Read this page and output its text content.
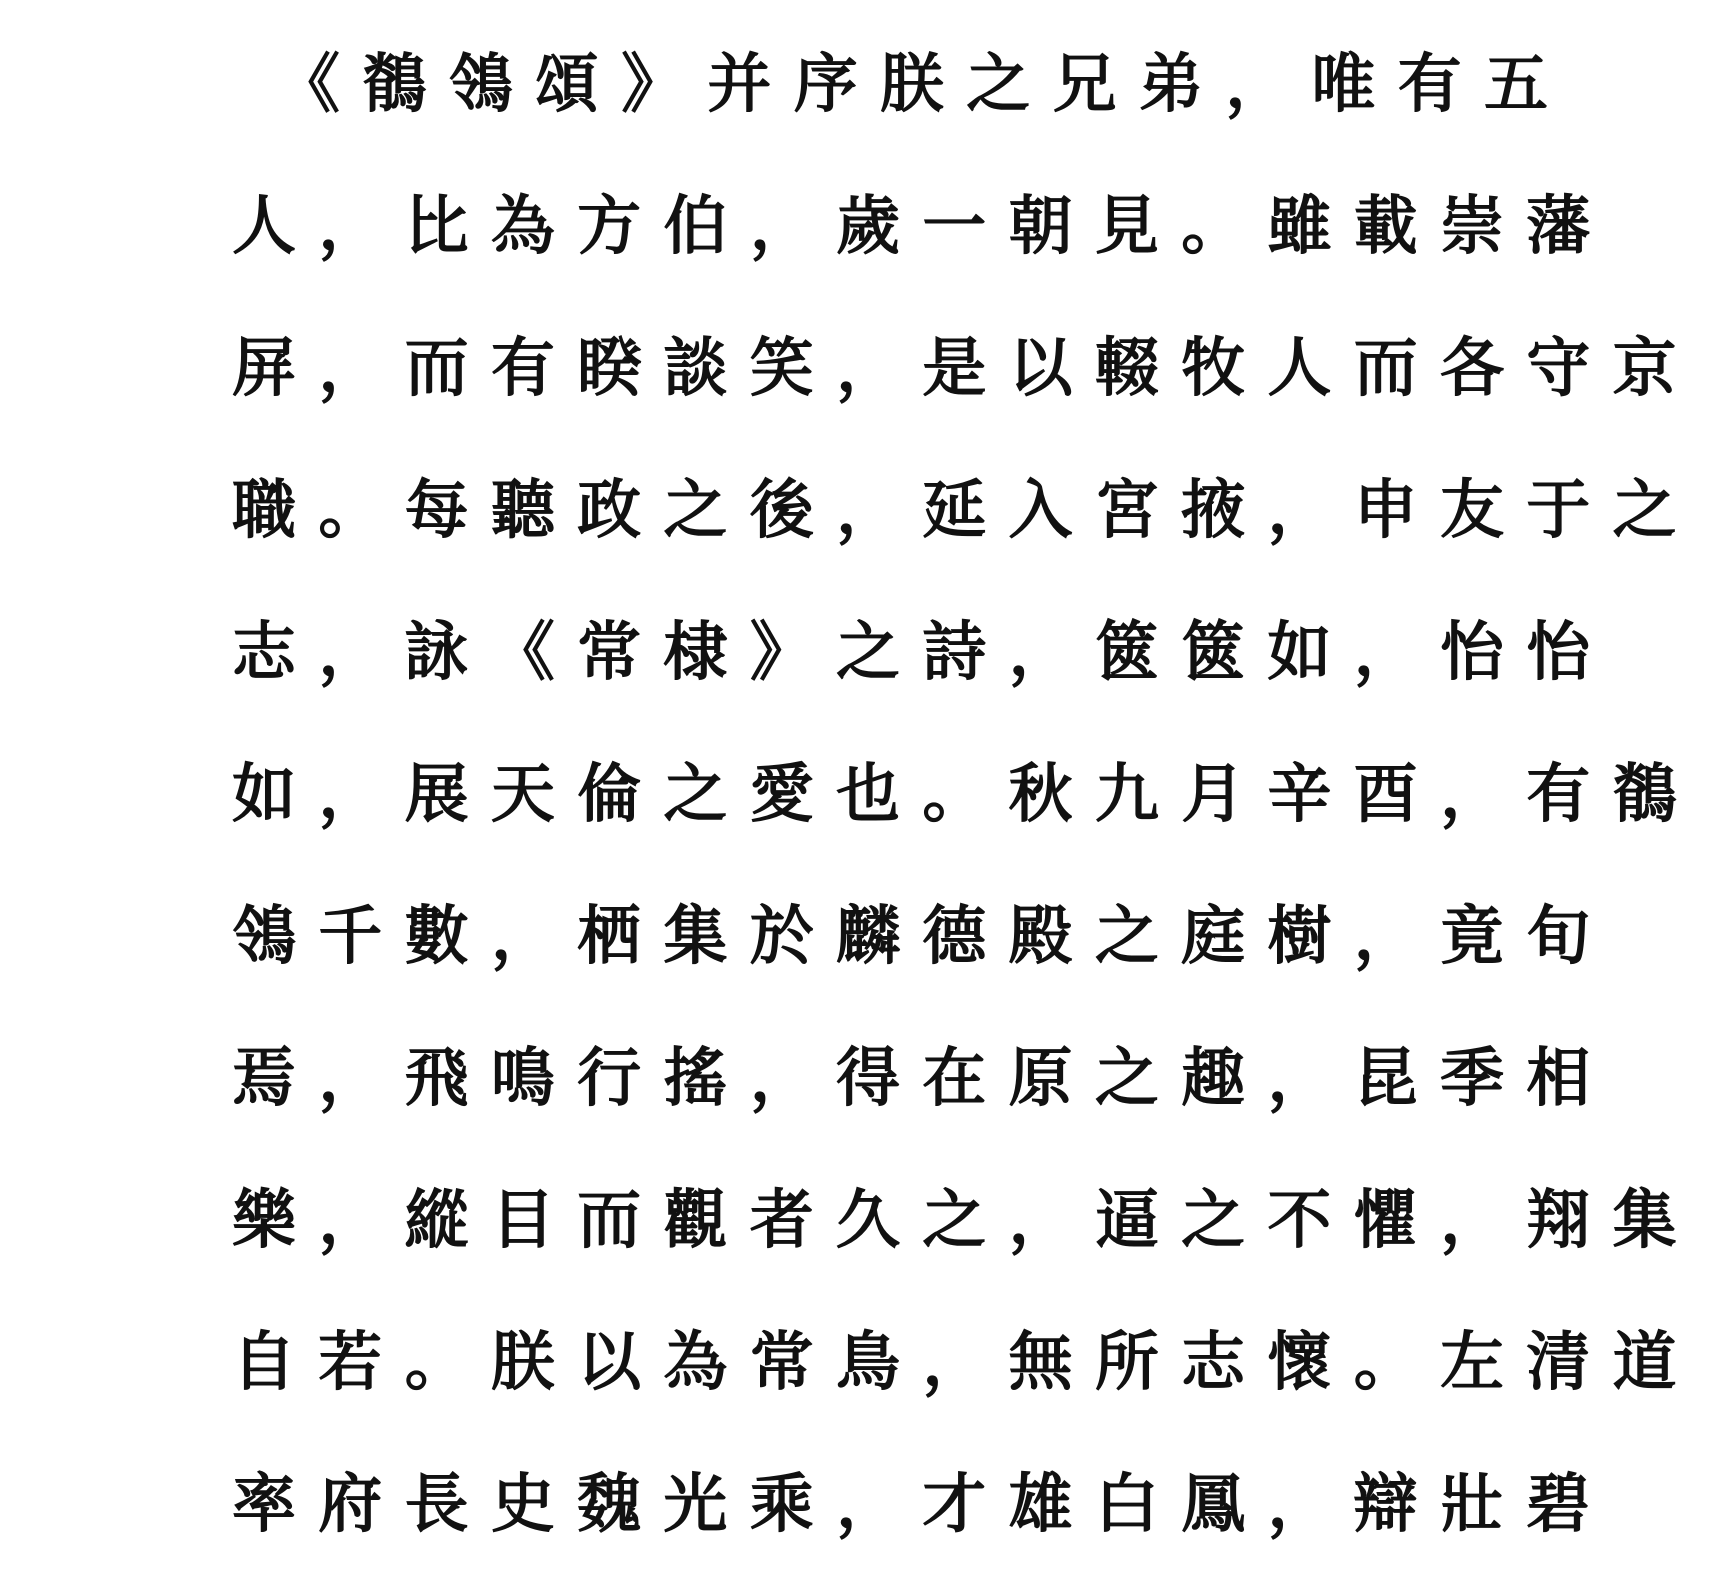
《 鶺 鴒 頌 》 并 序 朕 之 兄 弟 ， 唯 有 五
人 ， 比 為 方 伯 ， 歲 一 朝 見 。 雖 載 崇 藩
屏 ， 而 有 睽 談 笑 ， 是 以 輟 牧 人 而 各 守 京
職 。 每 聽 政 之 後 ， 延 入 宮 掖 ， 申 友 于 之
志 ， 詠 《 常 棣 》 之 詩 ， 篋 篋 如 ， 怡 怡
如 ， 展 天 倫 之 愛 也 。 秋 九 月 辛 酉 ， 有 鶺
鴒 千 數 ， 栖 集 於 麟 德 殿 之 庭 樹 ， 竟 旬
焉 ， 飛 鳴 行 搖 ， 得 在 原 之 趣 ， 昆 季 相
樂 ， 縱 目 而 觀 者 久 之 ， 逼 之 不 懼 ， 翔 集
自 若 。 朕 以 為 常 鳥 ， 無 所 志 懷 。 左 清 道
率 府 長 史 魏 光 乘 ， 才 雄 白 鳳 ， 辯 壯 碧
